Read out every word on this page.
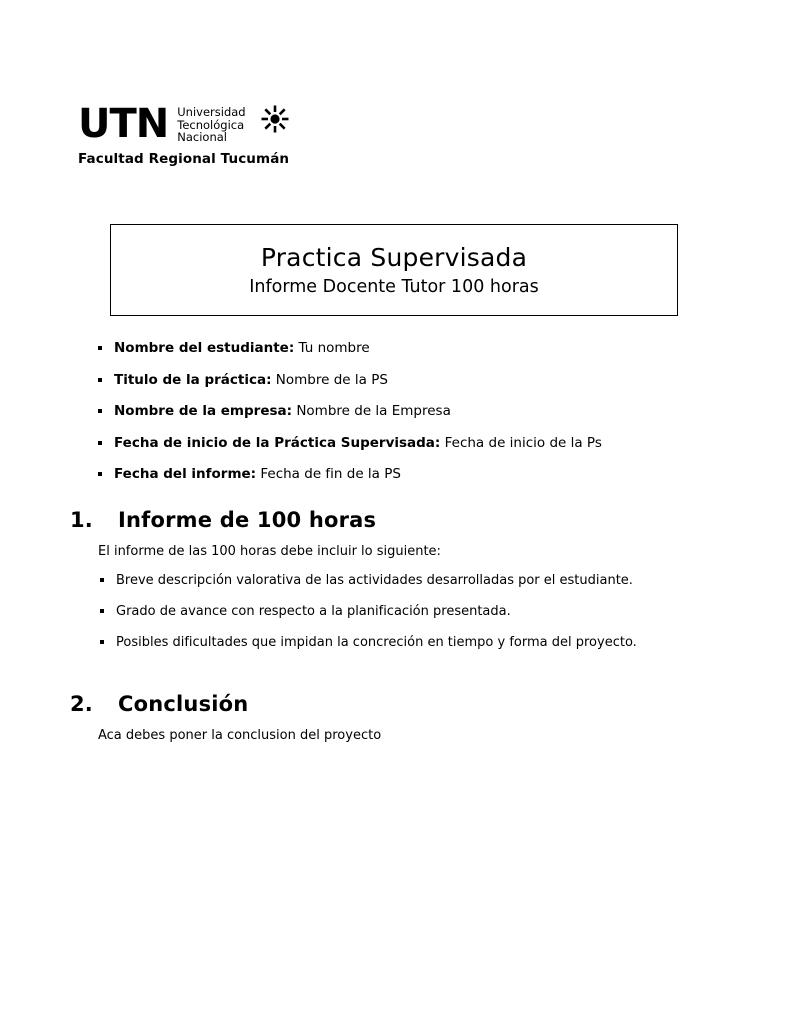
UTN Universidad
Tecnológica
Nacional
Facultad Regional Tucumán
Practica Supervisada
Informe Docente Tutor 100 horas
Nombre del estudiante: Tu nombre
Titulo de la práctica: Nombre de la PS
Nombre de la empresa: Nombre de la Empresa
Fecha de inicio de la Práctica Supervisada: Fecha de inicio de la Ps
Fecha del informe: Fecha de fin de la PS
1.	Informe de 100 horas

El informe de las 100 horas debe incluir lo siguiente:

Breve descripción valorativa de las actividades desarrolladas por el estudiante.
Grado de avance con respecto a la planificación presentada.
Posibles dificultades que impidan la concreción en tiempo y forma del proyecto.
2.	Conclusión

Aca debes poner la conclusion del proyecto
